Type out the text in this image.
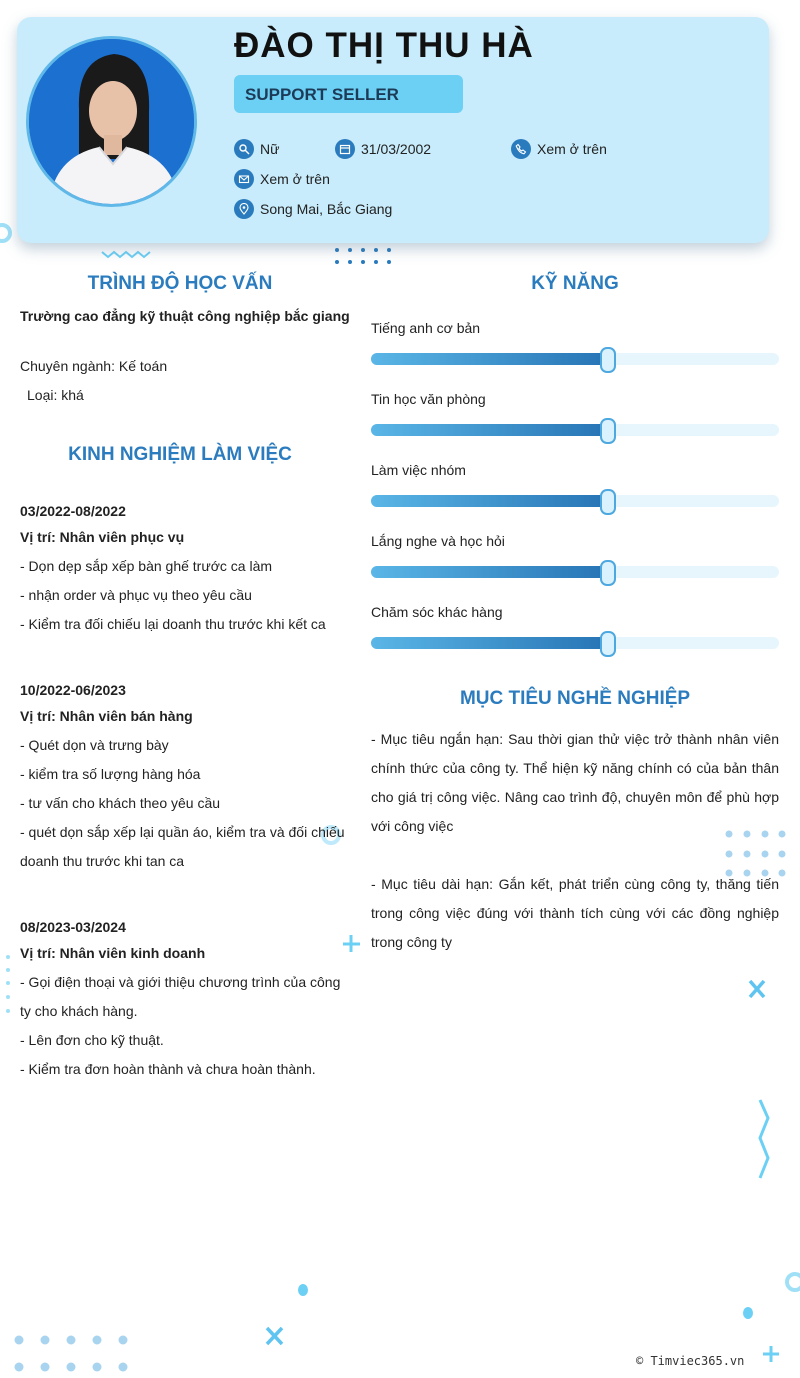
ĐÀO THỊ THU HÀ
SUPPORT SELLER
Nữ	31/03/2002	Xem ở trên
Xem ở trên
Song Mai, Bắc Giang
TRÌNH ĐỘ HỌC VẤN
Trường cao đẳng kỹ thuật công nghiệp bắc giang
Chuyên ngành: Kế toán
Loại: khá
KINH NGHIỆM LÀM VIỆC
03/2022-08/2022
Vị trí: Nhân viên phục vụ
- Dọn dẹp sắp xếp bàn ghế trước ca làm
- nhận order và phục vụ theo yêu cầu
- Kiểm tra đối chiếu lại doanh thu trước khi kết ca
10/2022-06/2023
Vị trí: Nhân viên bán hàng
- Quét dọn và trưng bày
- kiểm tra số lượng hàng hóa
- tư vấn cho khách theo yêu cầu
- quét dọn sắp xếp lại quần áo, kiểm tra và đối chiếu
doanh thu trước khi tan ca
08/2023-03/2024
Vị trí: Nhân viên kinh doanh
- Gọi điện thoại và giới thiệu chương trình của công
ty cho khách hàng.
- Lên đơn cho kỹ thuật.
- Kiểm tra đơn hoàn thành và chưa hoàn thành.
KỸ NĂNG
Tiếng anh cơ bản
Tin học văn phòng
Làm việc nhóm
Lắng nghe và học hỏi
Chăm sóc khác hàng
MỤC TIÊU NGHỀ NGHIỆP
- Mục tiêu ngắn hạn: Sau thời gian thử việc trở thành nhân viên chính thức của công ty. Thể hiện kỹ năng chính có của bản thân cho giá trị công việc. Nâng cao trình độ, chuyên môn để phù hợp với công việc
- Mục tiêu dài hạn: Gắn kết, phát triển cùng công ty, thăng tiến trong công việc đúng với thành tích cùng với các đồng nghiệp trong công ty
© Timviec365.vn
